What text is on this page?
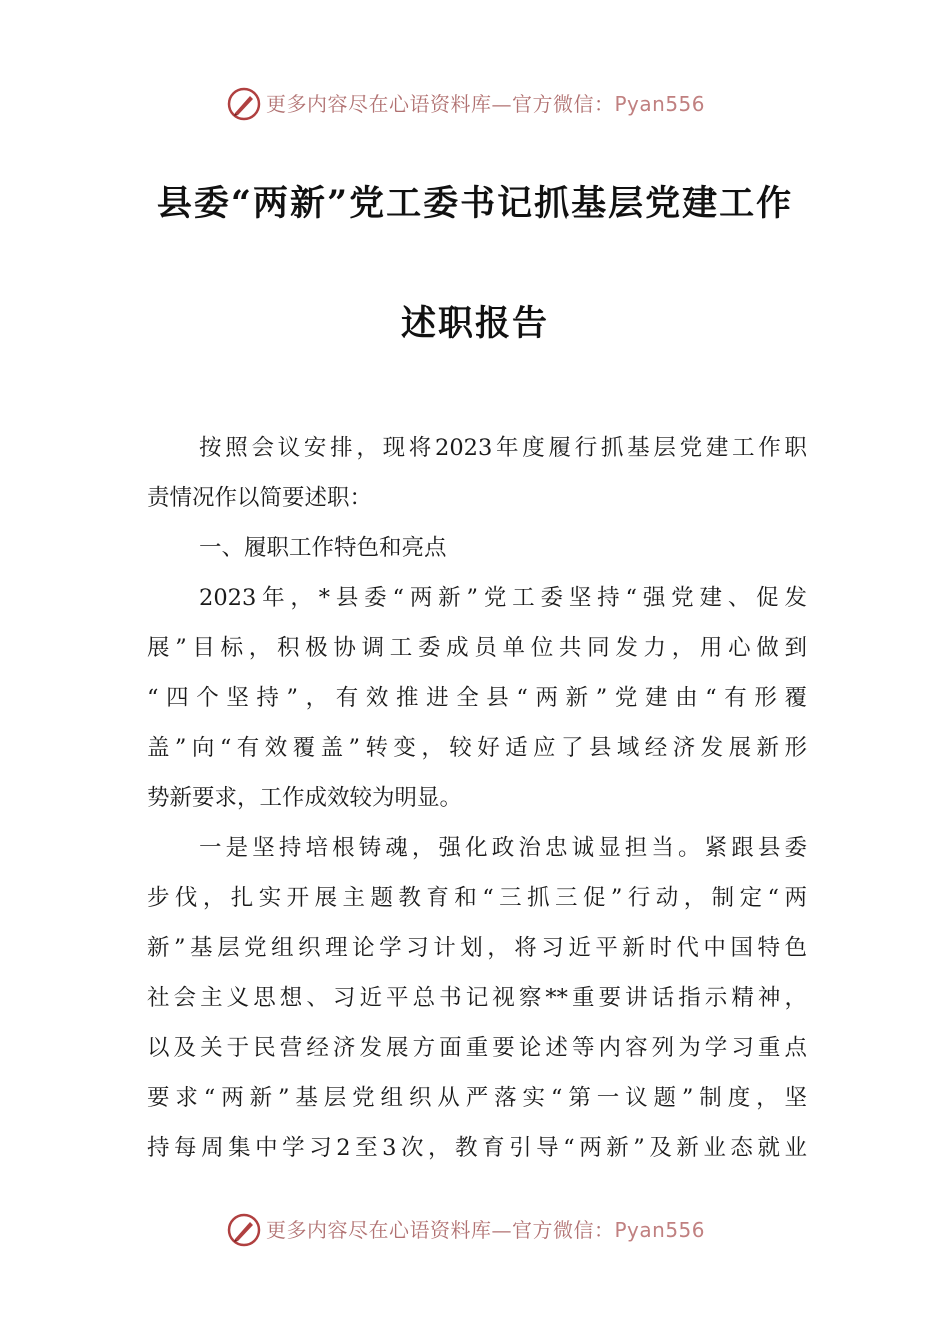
更多内容尽在心语资料库—官方微信：Pyan556
县委“两新”党工委书记抓基层党建工作
述职报告
按照会议安排，现将2023年度履行抓基层党建工作职
责情况作以简要述职：
一、履职工作特色和亮点
2023年，*县委“两新”党工委坚持“强党建、促发
展”目标，积极协调工委成员单位共同发力，用心做到
“四个坚持”，有效推进全县“两新”党建由“有形覆
盖”向“有效覆盖”转变，较好适应了县域经济发展新形
势新要求，工作成效较为明显。
一是坚持培根铸魂，强化政治忠诚显担当。紧跟县委
步伐，扎实开展主题教育和“三抓三促”行动，制定“两
新”基层党组织理论学习计划，将习近平新时代中国特色
社会主义思想、习近平总书记视察**重要讲话指示精神，
以及关于民营经济发展方面重要论述等内容列为学习重点
要求“两新”基层党组织从严落实“第一议题”制度，坚
持每周集中学习2至3次，教育引导“两新”及新业态就业
更多内容尽在心语资料库—官方微信：Pyan556
